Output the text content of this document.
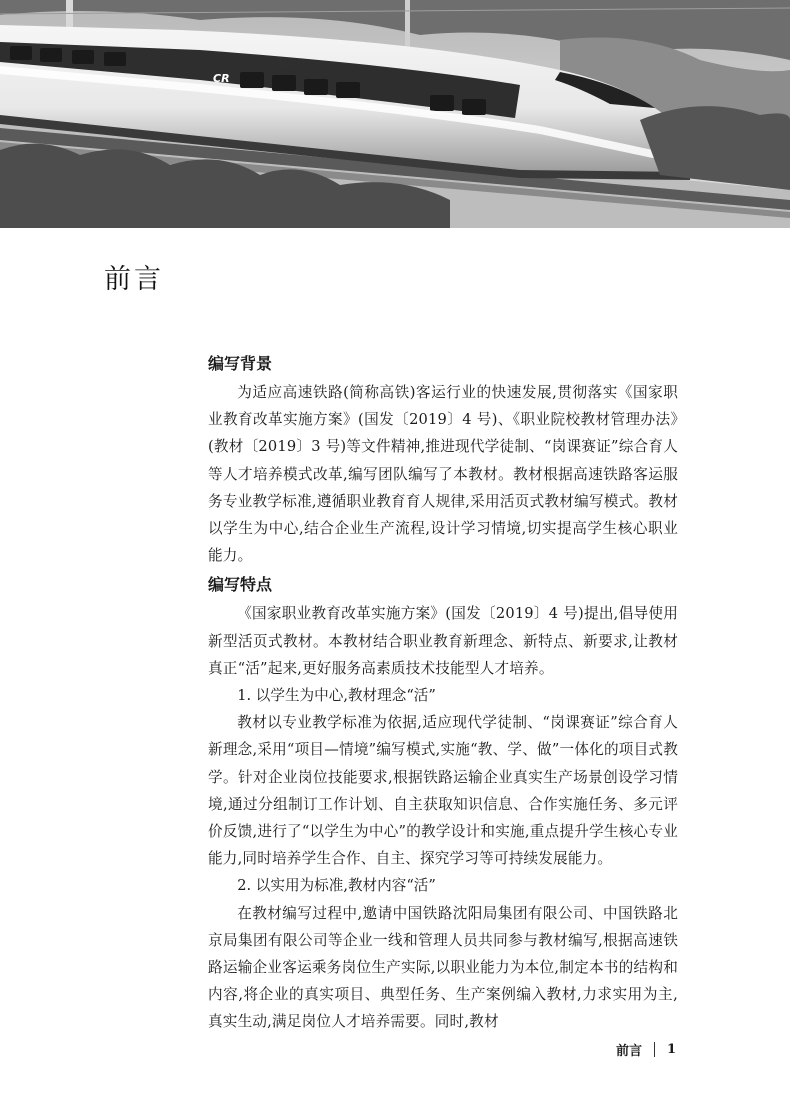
CR
复兴号
前言
编写背景

为适应高速铁路(简称高铁)客运行业的快速发展,贯彻落实《国家职业教育改革实施方案》(国发〔2019〕4 号)、《职业院校教材管理办法》(教材〔2019〕3 号)等文件精神,推进现代学徒制、“岗课赛证”综合育人等人才培养模式改革,编写团队编写了本教材。教材根据高速铁路客运服务专业教学标准,遵循职业教育育人规律,采用活页式教材编写模式。教材以学生为中心,结合企业生产流程,设计学习情境,切实提高学生核心职业能力。

编写特点

《国家职业教育改革实施方案》(国发〔2019〕4 号)提出,倡导使用新型活页式教材。本教材结合职业教育新理念、新特点、新要求,让教材真正“活”起来,更好服务高素质技术技能型人才培养。

1. 以学生为中心,教材理念“活”

教材以专业教学标准为依据,适应现代学徒制、“岗课赛证”综合育人新理念,采用“项目—情境”编写模式,实施“教、学、做”一体化的项目式教学。针对企业岗位技能要求,根据铁路运输企业真实生产场景创设学习情境,通过分组制订工作计划、自主获取知识信息、合作实施任务、多元评价反馈,进行了“以学生为中心”的教学设计和实施,重点提升学生核心专业能力,同时培养学生合作、自主、探究学习等可持续发展能力。

2. 以实用为标准,教材内容“活”

在教材编写过程中,邀请中国铁路沈阳局集团有限公司、中国铁路北京局集团有限公司等企业一线和管理人员共同参与教材编写,根据高速铁路运输企业客运乘务岗位生产实际,以职业能力为本位,制定本书的结构和内容,将企业的真实项目、典型任务、生产案例编入教材,力求实用为主,真实生动,满足岗位人才培养需要。同时,教材

前言 1
